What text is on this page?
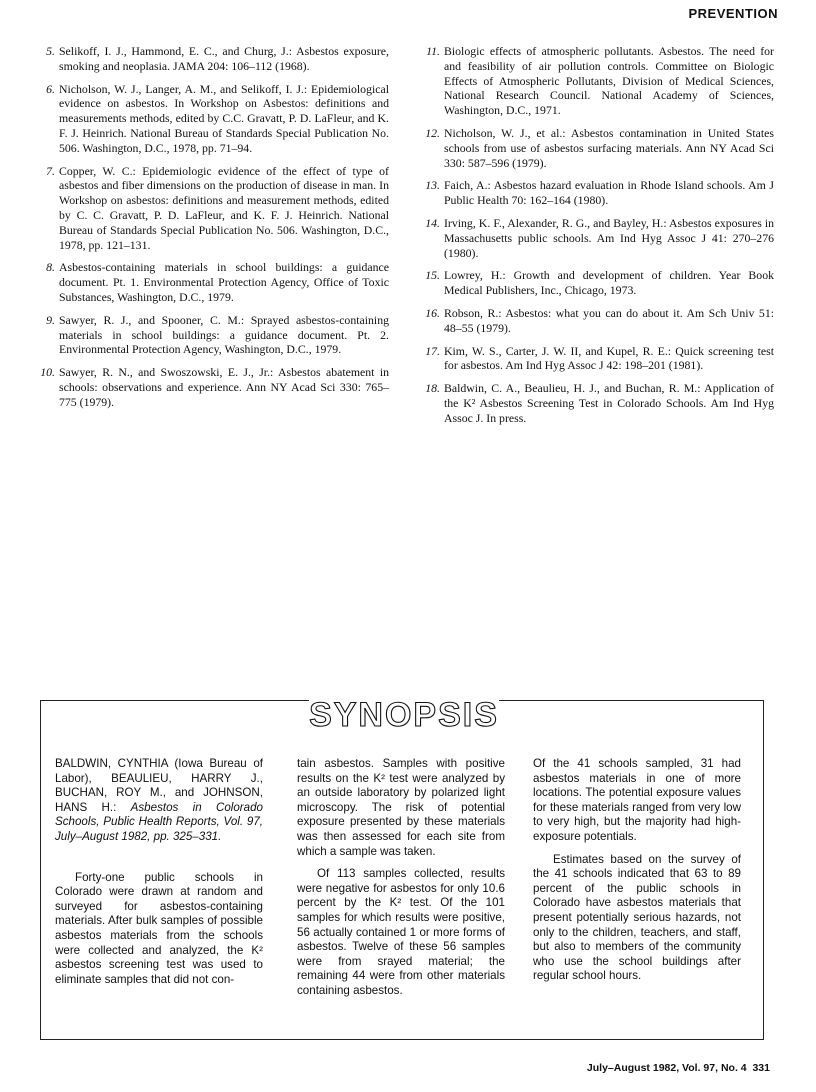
PREVENTION
5. Selikoff, I. J., Hammond, E. C., and Churg, J.: Asbestos exposure, smoking and neoplasia. JAMA 204: 106–112 (1968).
6. Nicholson, W. J., Langer, A. M., and Selikoff, I. J.: Epidemiological evidence on asbestos. In Workshop on Asbestos: definitions and measurements methods, edited by C.C. Gravatt, P. D. LaFleur, and K. F. J. Heinrich. National Bureau of Standards Special Publication No. 506. Washington, D.C., 1978, pp. 71–94.
7. Copper, W. C.: Epidemiologic evidence of the effect of type of asbestos and fiber dimensions on the production of disease in man. In Workshop on asbestos: definitions and measurement methods, edited by C. C. Gravatt, P. D. LaFleur, and K. F. J. Heinrich. National Bureau of Standards Special Publication No. 506. Washington, D.C., 1978, pp. 121–131.
8. Asbestos-containing materials in school buildings: a guidance document. Pt. 1. Environmental Protection Agency, Office of Toxic Substances, Washington, D.C., 1979.
9. Sawyer, R. J., and Spooner, C. M.: Sprayed asbestos-containing materials in school buildings: a guidance document. Pt. 2. Environmental Protection Agency, Washington, D.C., 1979.
10. Sawyer, R. N., and Swoszowski, E. J., Jr.: Asbestos abatement in schools: observations and experience. Ann NY Acad Sci 330: 765–775 (1979).
11. Biologic effects of atmospheric pollutants. Asbestos. The need for and feasibility of air pollution controls. Committee on Biologic Effects of Atmospheric Pollutants, Division of Medical Sciences, National Research Council. National Academy of Sciences, Washington, D.C., 1971.
12. Nicholson, W. J., et al.: Asbestos contamination in United States schools from use of asbestos surfacing materials. Ann NY Acad Sci 330: 587–596 (1979).
13. Faich, A.: Asbestos hazard evaluation in Rhode Island schools. Am J Public Health 70: 162–164 (1980).
14. Irving, K. F., Alexander, R. G., and Bayley, H.: Asbestos exposures in Massachusetts public schools. Am Ind Hyg Assoc J 41: 270–276 (1980).
15. Lowrey, H.: Growth and development of children. Year Book Medical Publishers, Inc., Chicago, 1973.
16. Robson, R.: Asbestos: what you can do about it. Am Sch Univ 51: 48–55 (1979).
17. Kim, W. S., Carter, J. W. II, and Kupel, R. E.: Quick screening test for asbestos. Am Ind Hyg Assoc J 42: 198–201 (1981).
18. Baldwin, C. A., Beaulieu, H. J., and Buchan, R. M.: Application of the K² Asbestos Screening Test in Colorado Schools. Am Ind Hyg Assoc J. In press.
SYNOPSIS

BALDWIN, CYNTHIA (Iowa Bureau of Labor), BEAULIEU, HARRY J., BUCHAN, ROY M., and JOHNSON, HANS H.: Asbestos in Colorado Schools, Public Health Reports, Vol. 97, July–August 1982, pp. 325–331.

Forty-one public schools in Colorado were drawn at random and surveyed for asbestos-containing materials. After bulk samples of possible asbestos materials from the schools were collected and analyzed, the K² asbestos screening test was used to eliminate samples that did not con-

tain asbestos. Samples with positive results on the K² test were analyzed by an outside laboratory by polarized light microscopy. The risk of potential exposure presented by these materials was then assessed for each site from which a sample was taken.

Of 113 samples collected, results were negative for asbestos for only 10.6 percent by the K² test. Of the 101 samples for which results were positive, 56 actually contained 1 or more forms of asbestos. Twelve of these 56 samples were from srayed material; the remaining 44 were from other materials containing asbestos.

Of the 41 schools sampled, 31 had asbestos materials in one of more locations. The potential exposure values for these materials ranged from very low to very high, but the majority had high-exposure potentials.

Estimates based on the survey of the 41 schools indicated that 63 to 89 percent of the public schools in Colorado have asbestos materials that present potentially serious hazards, not only to the children, teachers, and staff, but also to members of the community who use the school buildings after regular school hours.

July–August 1982, Vol. 97, No. 4 331
